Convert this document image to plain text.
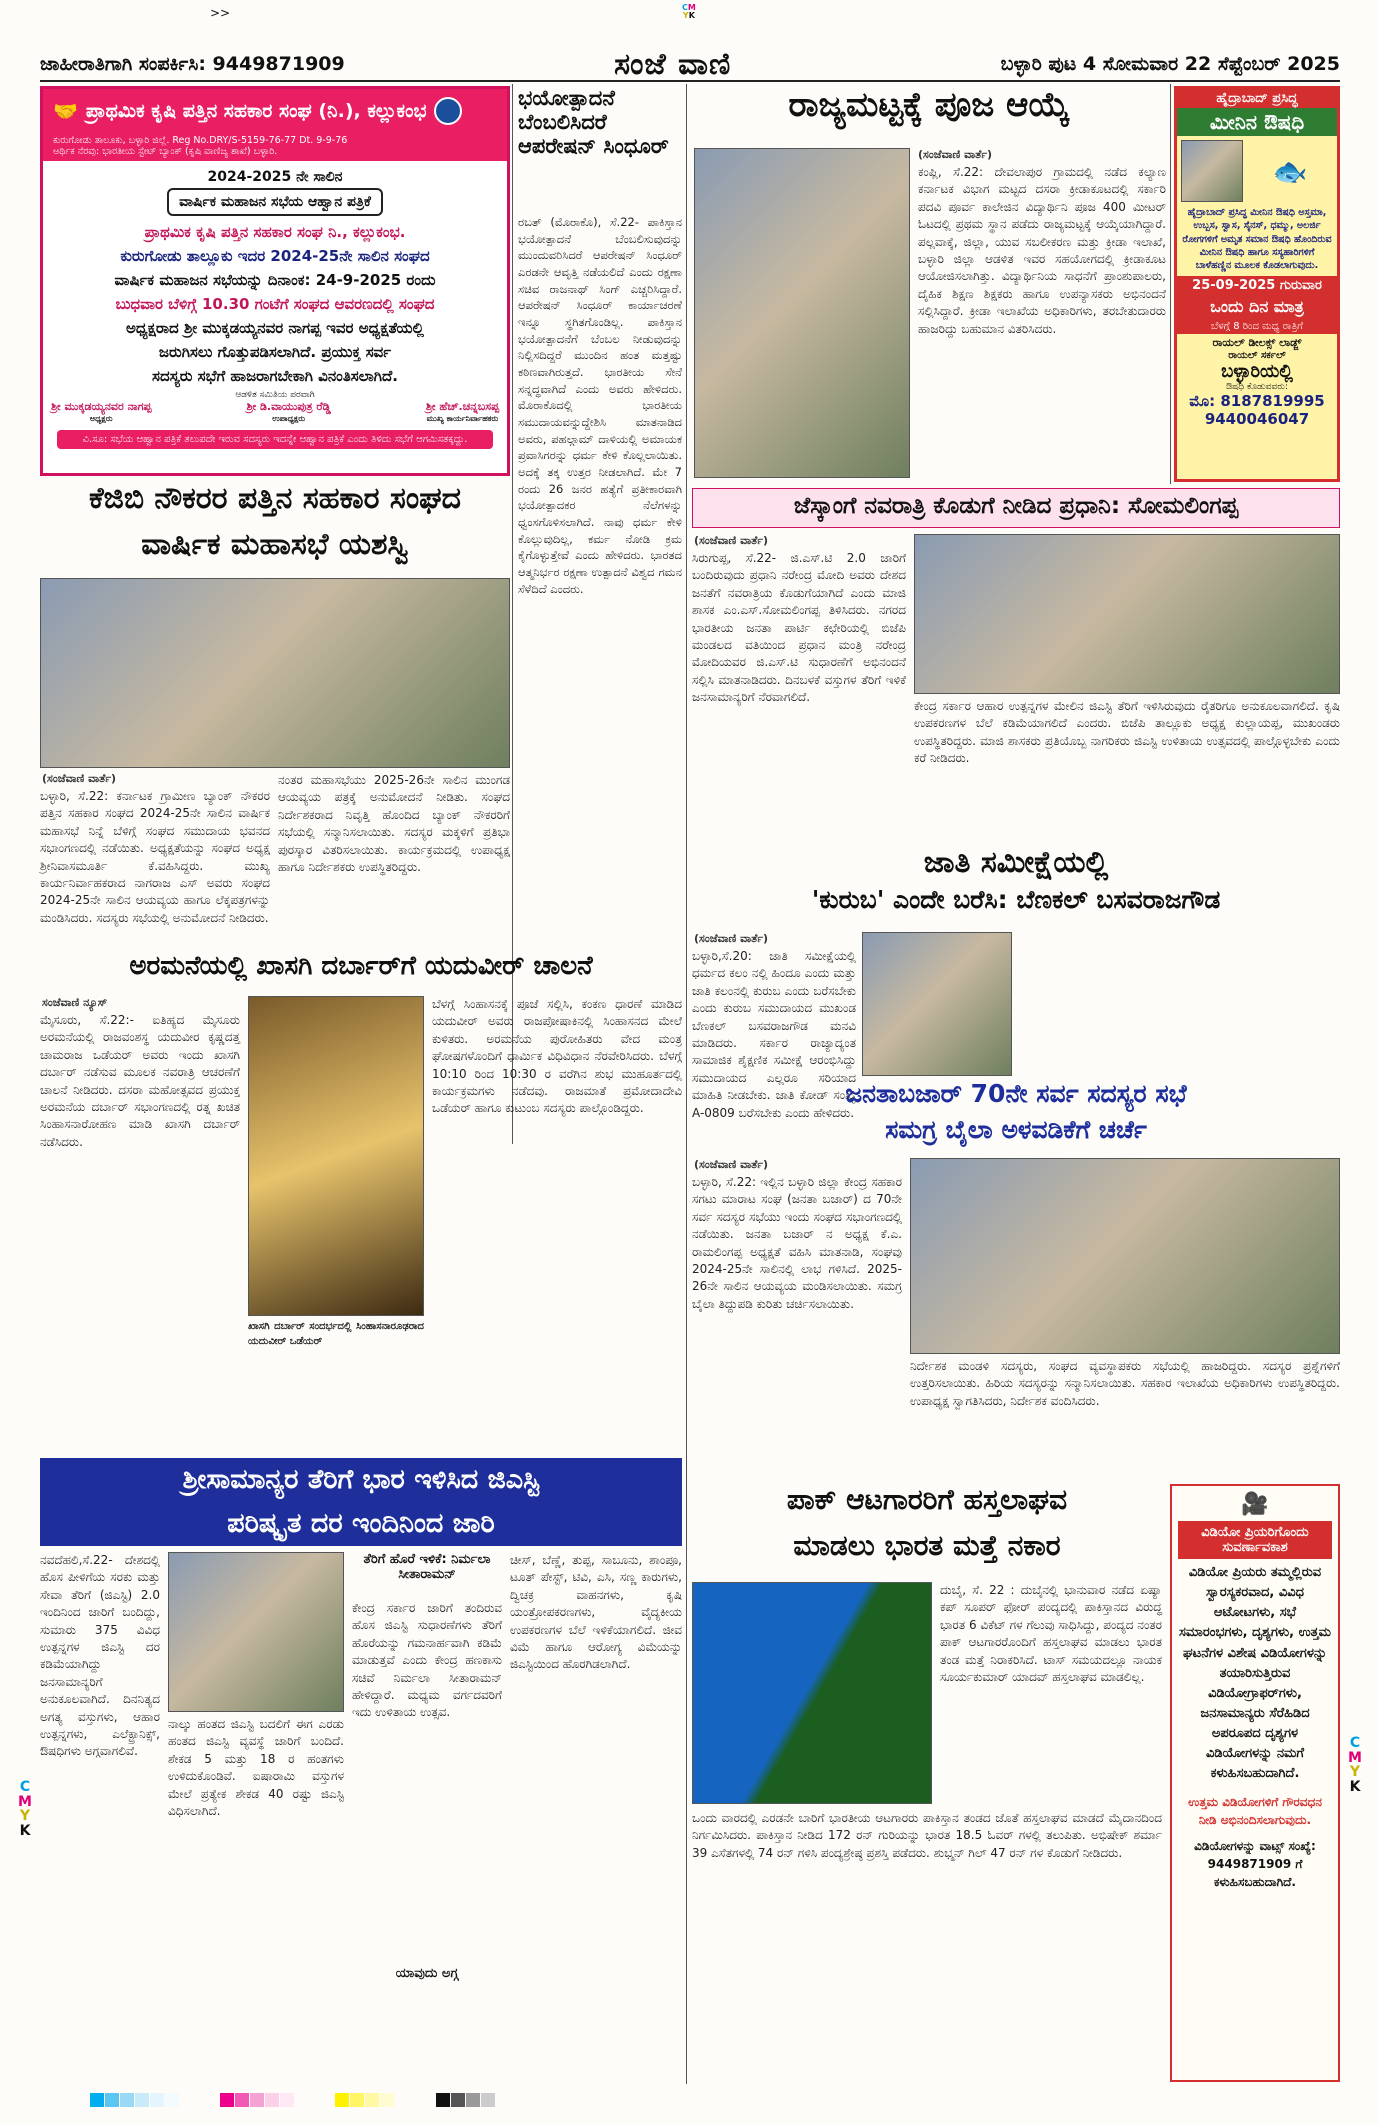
>>	CM
YK
ಜಾಹೀರಾತಿಗಾಗಿ ಸಂಪರ್ಕಿಸಿ: 9449871909	ಸಂಜೆ ವಾಣಿ	ಬಳ್ಳಾರಿ ಪುಟ 4 ಸೋಮವಾರ 22 ಸೆಪ್ಟೆಂಬರ್ 2025
🤝 ಪ್ರಾಥಮಿಕ ಕೃಷಿ ಪತ್ತಿನ ಸಹಕಾರ ಸಂಘ (ನಿ.), ಕಲ್ಲುಕಂಭ
ಕುರುಗೋಡು ತಾಲೂಕು, ಬಳ್ಳಾರಿ ಜಿಲ್ಲೆ. Reg No.DRY/S-5159-76-77 Dt. 9-9-76
ಆರ್ಥಿಕ ನೆರವು: ಭಾರತೀಯ ಸ್ಟೇಟ್ ಬ್ಯಾಂಕ್ (ಕೃಷಿ ವಾಣಿಜ್ಯ ಶಾಖೆ) ಬಳ್ಳಾರಿ.
2024-2025 ನೇ ಸಾಲಿನ
ವಾರ್ಷಿಕ ಮಹಾಜನ ಸಭೆಯ ಆಹ್ವಾನ ಪತ್ರಿಕೆ
ಪ್ರಾಥಮಿಕ ಕೃಷಿ ಪತ್ತಿನ ಸಹಕಾರ ಸಂಘ ನಿ., ಕಲ್ಲುಕಂಭ.
ಕುರುಗೋಡು ತಾಲ್ಲೂಕು ಇದರ 2024-25ನೇ ಸಾಲಿನ ಸಂಘದ
ವಾರ್ಷಿಕ ಮಹಾಜನ ಸಭೆಯನ್ನು ದಿನಾಂಕ: 24-9-2025 ರಂದು
ಬುಧವಾರ ಬೆಳಿಗ್ಗೆ 10.30 ಗಂಟೆಗೆ ಸಂಘದ ಆವರಣದಲ್ಲಿ ಸಂಘದ
ಅಧ್ಯಕ್ಷರಾದ ಶ್ರೀ ಮುಕ್ಕಡಯ್ಯನವರ ನಾಗಪ್ಪ ಇವರ ಅಧ್ಯಕ್ಷತೆಯಲ್ಲಿ
ಜರುಗಿಸಲು ಗೊತ್ತುಪಡಿಸಲಾಗಿದೆ. ಪ್ರಯುಕ್ತ ಸರ್ವ
ಸದಸ್ಯರು ಸಭೆಗೆ ಹಾಜರಾಗಬೇಕಾಗಿ ವಿನಂತಿಸಲಾಗಿದೆ.
ಆಡಳಿತ ಸಮಿತಿಯ ಪರವಾಗಿ
ಶ್ರೀ ಮುಕ್ಕಡಯ್ಯನವರ ನಾಗಪ್ಪ
ಅಧ್ಯಕ್ಷರು
ಶ್ರೀ ಡಿ.ವಾಯುಪುತ್ರ ರೆಡ್ಡಿ
ಉಪಾಧ್ಯಕ್ಷರು
ಶ್ರೀ ಹೆಚ್.ಚನ್ನಬಸಪ್ಪ
ಮುಖ್ಯ ಕಾರ್ಯನಿರ್ವಾಹಕರು
ವಿ.ಸೂ: ಸಭೆಯ ಆಹ್ವಾನ ಪತ್ರಿಕೆ ತಲುಪದೇ ಇರುವ ಸದಸ್ಯರು ಇದನ್ನೇ ಆಹ್ವಾನ ಪತ್ರಿಕೆ ಎಂದು ತಿಳಿದು ಸಭೆಗೆ ಆಗಮಿಸತಕ್ಕದ್ದು.
ಕೆಜಿಬಿ ನೌಕರರ ಪತ್ತಿನ ಸಹಕಾರ ಸಂಘದ
ವಾರ್ಷಿಕ ಮಹಾಸಭೆ ಯಶಸ್ವಿ
(ಸಂಜೆವಾಣಿ ವಾರ್ತೆ)
ಬಳ್ಳಾರಿ, ಸೆ.22: ಕರ್ನಾಟಕ ಗ್ರಾಮೀಣ ಬ್ಯಾಂಕ್ ನೌಕರರ ಪತ್ತಿನ ಸಹಕಾರ ಸಂಘದ 2024-25ನೇ ಸಾಲಿನ ವಾರ್ಷಿಕ ಮಹಾಸಭೆ ನಿನ್ನೆ ಬೆಳಿಗ್ಗೆ ಸಂಘದ ಸಮುದಾಯ ಭವನದ ಸಭಾಂಗಣದಲ್ಲಿ ನಡೆಯಿತು. ಅಧ್ಯಕ್ಷತೆಯನ್ನು ಸಂಘದ ಅಧ್ಯಕ್ಷ ಶ್ರೀನಿವಾಸಮೂರ್ತಿ ಕೆ.ವಹಿಸಿದ್ದರು. ಮುಖ್ಯ ಕಾರ್ಯನಿರ್ವಾಹಕರಾದ ನಾಗರಾಜ ಎಸ್ ಅವರು ಸಂಘದ 2024-25ನೇ ಸಾಲಿನ ಆಯವ್ಯಯ ಹಾಗೂ ಲೆಕ್ಕಪತ್ರಗಳನ್ನು ಮಂಡಿಸಿದರು. ಸದಸ್ಯರು ಸಭೆಯಲ್ಲಿ ಅನುಮೋದನೆ ನೀಡಿದರು.
ನಂತರ ಮಹಾಸಭೆಯು 2025-26ನೇ ಸಾಲಿನ ಮುಂಗಡ ಆಯವ್ಯಯ ಪತ್ರಕ್ಕೆ ಅನುಮೋದನೆ ನೀಡಿತು. ಸಂಘದ ನಿರ್ದೇಶಕರಾದ ನಿವೃತ್ತಿ ಹೊಂದಿದ ಬ್ಯಾಂಕ್ ನೌಕರರಿಗೆ ಸಭೆಯಲ್ಲಿ ಸನ್ಮಾನಿಸಲಾಯಿತು. ಸದಸ್ಯರ ಮಕ್ಕಳಿಗೆ ಪ್ರತಿಭಾ ಪುರಸ್ಕಾರ ವಿತರಿಸಲಾಯಿತು. ಕಾರ್ಯಕ್ರಮದಲ್ಲಿ ಉಪಾಧ್ಯಕ್ಷ ಹಾಗೂ ನಿರ್ದೇಶಕರು ಉಪಸ್ಥಿತರಿದ್ದರು.
ಭಯೋತ್ಪಾದನೆ ಬೆಂಬಲಿಸಿದರೆ ಆಪರೇಷನ್ ಸಿಂಧೂರ್
ರಬತ್ (ಮೊರಾಕೊ), ಸೆ.22- ಪಾಕಿಸ್ತಾನ ಭಯೋತ್ಪಾದನೆ ಬೆಂಬಲಿಸುವುದನ್ನು ಮುಂದುವರಿಸಿದರೆ ಆಪರೇಷನ್ ಸಿಂಧೂರ್ ಎರಡನೇ ಆವೃತ್ತಿ ನಡೆಯಲಿದೆ ಎಂದು ರಕ್ಷಣಾ ಸಚಿವ ರಾಜನಾಥ್ ಸಿಂಗ್ ಎಚ್ಚರಿಸಿದ್ದಾರೆ. ಆಪರೇಷನ್ ಸಿಂಧೂರ್ ಕಾರ್ಯಾಚರಣೆ ಇನ್ನೂ ಸ್ಥಗಿತಗೊಂಡಿಲ್ಲ. ಪಾಕಿಸ್ತಾನ ಭಯೋತ್ಪಾದನೆಗೆ ಬೆಂಬಲ ನೀಡುವುದನ್ನು ನಿಲ್ಲಿಸದಿದ್ದರೆ ಮುಂದಿನ ಹಂತ ಮತ್ತಷ್ಟು ಕಠಿಣವಾಗಿರುತ್ತದೆ. ಭಾರತೀಯ ಸೇನೆ ಸನ್ನದ್ಧವಾಗಿದೆ ಎಂದು ಅವರು ಹೇಳಿದರು. ಮೊರಾಕೊದಲ್ಲಿ ಭಾರತೀಯ ಸಮುದಾಯವನ್ನುದ್ದೇಶಿಸಿ ಮಾತನಾಡಿದ ಅವರು, ಪಹಲ್ಗಾಮ್ ದಾಳಿಯಲ್ಲಿ ಅಮಾಯಕ ಪ್ರವಾಸಿಗರನ್ನು ಧರ್ಮ ಕೇಳಿ ಕೊಲ್ಲಲಾಯಿತು. ಅದಕ್ಕೆ ತಕ್ಕ ಉತ್ತರ ನೀಡಲಾಗಿದೆ. ಮೇ 7 ರಂದು 26 ಜನರ ಹತ್ಯೆಗೆ ಪ್ರತೀಕಾರವಾಗಿ ಭಯೋತ್ಪಾದಕರ ನೆಲೆಗಳನ್ನು ಧ್ವಂಸಗೊಳಿಸಲಾಗಿದೆ. ನಾವು ಧರ್ಮ ಕೇಳಿ ಕೊಲ್ಲುವುದಿಲ್ಲ, ಕರ್ಮ ನೋಡಿ ಕ್ರಮ ಕೈಗೊಳ್ಳುತ್ತೇವೆ ಎಂದು ಹೇಳಿದರು. ಭಾರತದ ಆತ್ಮನಿರ್ಭರ ರಕ್ಷಣಾ ಉತ್ಪಾದನೆ ವಿಶ್ವದ ಗಮನ ಸೆಳೆದಿದೆ ಎಂದರು.
ರಾಜ್ಯಮಟ್ಟಕ್ಕೆ ಪೂಜ ಆಯ್ಕೆ
(ಸಂಜೆವಾಣಿ ವಾರ್ತೆ)
ಕಂಪ್ಲಿ, ಸೆ.22: ದೇವಲಾಪುರ ಗ್ರಾಮದಲ್ಲಿ ನಡೆದ ಕಲ್ಯಾಣ ಕರ್ನಾಟಕ ವಿಭಾಗ ಮಟ್ಟದ ದಸರಾ ಕ್ರೀಡಾಕೂಟದಲ್ಲಿ ಸರ್ಕಾರಿ ಪದವಿ ಪೂರ್ವ ಕಾಲೇಜಿನ ವಿದ್ಯಾರ್ಥಿನಿ ಪೂಜ 400 ಮೀಟರ್ ಓಟದಲ್ಲಿ ಪ್ರಥಮ ಸ್ಥಾನ ಪಡೆದು ರಾಜ್ಯಮಟ್ಟಕ್ಕೆ ಆಯ್ಕೆಯಾಗಿದ್ದಾರೆ. ಪಲ್ಲವಾಕ್ಕೆ, ಜಿಲ್ಲಾ, ಯುವ ಸಬಲೀಕರಣ ಮತ್ತು ಕ್ರೀಡಾ ಇಲಾಖೆ, ಬಳ್ಳಾರಿ ಜಿಲ್ಲಾ ಆಡಳಿತ ಇವರ ಸಹಯೋಗದಲ್ಲಿ ಕ್ರೀಡಾಕೂಟ ಆಯೋಜಿಸಲಾಗಿತ್ತು. ವಿದ್ಯಾರ್ಥಿನಿಯ ಸಾಧನೆಗೆ ಪ್ರಾಂಶುಪಾಲರು, ದೈಹಿಕ ಶಿಕ್ಷಣ ಶಿಕ್ಷಕರು ಹಾಗೂ ಉಪನ್ಯಾಸಕರು ಅಭಿನಂದನೆ ಸಲ್ಲಿಸಿದ್ದಾರೆ. ಕ್ರೀಡಾ ಇಲಾಖೆಯ ಅಧಿಕಾರಿಗಳು, ತರಬೇತುದಾರರು ಹಾಜರಿದ್ದು ಬಹುಮಾನ ವಿತರಿಸಿದರು.
ಹೈದ್ರಾಬಾದ್ ಪ್ರಸಿದ್ಧ
ಮೀನಿನ ಔಷಧಿ
🐟
ಹೈದ್ರಾಬಾದ್ ಪ್ರಸಿದ್ಧ ಮೀನಿನ ಔಷಧಿ ಅಸ್ತಮಾ, ಉಬ್ಬಸ, ಸ್ವಾಸ, ಸೈನಸ್, ಧಮ್ಮು, ಅಲರ್ಜಿ ರೋಗಗಳಿಗೆ ಅಮೃತ ಸಮಾನ ಔಷಧಿ ಹೊಂದಿರುವ ಮೀನಿನ ಔಷಧಿ ಹಾಗೂ ಸಸ್ಯಹಾರಿಗಳಿಗೆ ಬಾಳೆಹಣ್ಣಿನ ಮೂಲಕ ಕೊಡಲಾಗುವುದು.
25-09-2025 ಗುರುವಾರ
ಒಂದು ದಿನ ಮಾತ್ರ
ಬೆಳಗ್ಗೆ 8 ರಿಂದ ಮಧ್ಯ ರಾತ್ರಿಗೆ
ರಾಯಲ್ ಡೀಲಕ್ಸ್ ಲಾಡ್ಜ್
ರಾಯಲ್ ಸರ್ಕಲ್
ಬಳ್ಳಾರಿಯಲ್ಲಿ
ಔಷಧಿ ಕೊಡುವವರು:
ಮೊ: 8187819995
9440046047
ಜೆಸ್ಕಾಂಗೆ ನವರಾತ್ರಿ ಕೊಡುಗೆ ನೀಡಿದ ಪ್ರಧಾನಿ: ಸೋಮಲಿಂಗಪ್ಪ
(ಸಂಜೆವಾಣಿ ವಾರ್ತೆ)
ಸಿರುಗುಪ್ಪ, ಸೆ.22- ಜಿ.ಎಸ್.ಟಿ 2.0 ಜಾರಿಗೆ ಬಂದಿರುವುದು ಪ್ರಧಾನಿ ನರೇಂದ್ರ ಮೋದಿ ಅವರು ದೇಶದ ಜನತೆಗೆ ನವರಾತ್ರಿಯ ಕೊಡುಗೆಯಾಗಿದೆ ಎಂದು ಮಾಜಿ ಶಾಸಕ ಎಂ.ಎಸ್.ಸೋಮಲಿಂಗಪ್ಪ ತಿಳಿಸಿದರು. ನಗರದ ಭಾರತೀಯ ಜನತಾ ಪಾರ್ಟಿ ಕಛೇರಿಯಲ್ಲಿ ಬಿಜೆಪಿ ಮಂಡಲದ ವತಿಯಿಂದ ಪ್ರಧಾನ ಮಂತ್ರಿ ನರೇಂದ್ರ ಮೋದಿಯವರ ಜಿ.ಎಸ್.ಟಿ ಸುಧಾರಣೆಗೆ ಅಭಿನಂದನೆ ಸಲ್ಲಿಸಿ ಮಾತನಾಡಿದರು. ದಿನಬಳಕೆ ವಸ್ತುಗಳ ತೆರಿಗೆ ಇಳಿಕೆ ಜನಸಾಮಾನ್ಯರಿಗೆ ನೆರವಾಗಲಿದೆ.
ಕೇಂದ್ರ ಸರ್ಕಾರ ಆಹಾರ ಉತ್ಪನ್ನಗಳ ಮೇಲಿನ ಜಿಎಸ್ಟಿ ತೆರಿಗೆ ಇಳಿಸಿರುವುದು ರೈತರಿಗೂ ಅನುಕೂಲವಾಗಲಿದೆ. ಕೃಷಿ ಉಪಕರಣಗಳ ಬೆಲೆ ಕಡಿಮೆಯಾಗಲಿದೆ ಎಂದರು. ಬಿಜೆಪಿ ತಾಲ್ಲೂಕು ಅಧ್ಯಕ್ಷ ಕುಲ್ಲಾಯಪ್ಪ, ಮುಖಂಡರು ಉಪಸ್ಥಿತರಿದ್ದರು. ಮಾಜಿ ಶಾಸಕರು ಪ್ರತಿಯೊಬ್ಬ ನಾಗರಿಕರು ಜಿಎಸ್ಟಿ ಉಳಿತಾಯ ಉತ್ಸವದಲ್ಲಿ ಪಾಲ್ಗೊಳ್ಳಬೇಕು ಎಂದು ಕರೆ ನೀಡಿದರು.
ಜಾತಿ ಸಮೀಕ್ಷೆಯಲ್ಲಿ
'ಕುರುಬ' ಎಂದೇ ಬರೆಸಿ: ಬೆಣಕಲ್ ಬಸವರಾಜಗೌಡ
(ಸಂಜೆವಾಣಿ ವಾರ್ತೆ)
ಬಳ್ಳಾರಿ,ಸೆ.20: ಜಾತಿ ಸಮೀಕ್ಷೆಯಲ್ಲಿ ಧರ್ಮದ ಕಲಂ ನಲ್ಲಿ ಹಿಂದೂ ಎಂದು ಮತ್ತು ಜಾತಿ ಕಲಂನಲ್ಲಿ ಕುರುಬ ಎಂದು ಬರೆಸಬೇಕು ಎಂದು ಕುರುಬ ಸಮುದಾಯದ ಮುಖಂಡ ಬೆಣಕಲ್ ಬಸವರಾಜಗೌಡ ಮನವಿ ಮಾಡಿದರು. ಸರ್ಕಾರ ರಾಜ್ಯಾದ್ಯಂತ ಸಾಮಾಜಿಕ ಶೈಕ್ಷಣಿಕ ಸಮೀಕ್ಷೆ ಆರಂಭಿಸಿದ್ದು ಸಮುದಾಯದ ಎಲ್ಲರೂ ಸರಿಯಾದ ಮಾಹಿತಿ ನೀಡಬೇಕು. ಜಾತಿ ಕೋಡ್ ಸಂಖ್ಯೆ A-0809 ಬರೆಸಬೇಕು ಎಂದು ಹೇಳಿದರು.
ಜನತಾಬಜಾರ್ 70ನೇ ಸರ್ವ ಸದಸ್ಯರ ಸಭೆ
ಸಮಗ್ರ ಬೈಲಾ ಅಳವಡಿಕೆಗೆ ಚರ್ಚೆ
(ಸಂಜೆವಾಣಿ ವಾರ್ತೆ)
ಬಳ್ಳಾರಿ, ಸೆ.22: ಇಲ್ಲಿನ ಬಳ್ಳಾರಿ ಜಿಲ್ಲಾ ಕೇಂದ್ರ ಸಹಕಾರ ಸಗಟು ಮಾರಾಟ ಸಂಘ (ಜನತಾ ಬಜಾರ್) ದ 70ನೇ ಸರ್ವ ಸದಸ್ಯರ ಸಭೆಯು ಇಂದು ಸಂಘದ ಸಭಾಂಗಣದಲ್ಲಿ ನಡೆಯಿತು. ಜನತಾ ಬಜಾರ್ ನ ಅಧ್ಯಕ್ಷ ಕೆ.ಎ. ರಾಮಲಿಂಗಪ್ಪ ಅಧ್ಯಕ್ಷತೆ ವಹಿಸಿ ಮಾತನಾಡಿ, ಸಂಘವು 2024-25ನೇ ಸಾಲಿನಲ್ಲಿ ಲಾಭ ಗಳಿಸಿದೆ. 2025-26ನೇ ಸಾಲಿನ ಆಯವ್ಯಯ ಮಂಡಿಸಲಾಯಿತು. ಸಮಗ್ರ ಬೈಲಾ ತಿದ್ದುಪಡಿ ಕುರಿತು ಚರ್ಚಿಸಲಾಯಿತು.
ನಿರ್ದೇಶಕ ಮಂಡಳಿ ಸದಸ್ಯರು, ಸಂಘದ ವ್ಯವಸ್ಥಾಪಕರು ಸಭೆಯಲ್ಲಿ ಹಾಜರಿದ್ದರು. ಸದಸ್ಯರ ಪ್ರಶ್ನೆಗಳಿಗೆ ಉತ್ತರಿಸಲಾಯಿತು. ಹಿರಿಯ ಸದಸ್ಯರನ್ನು ಸನ್ಮಾನಿಸಲಾಯಿತು. ಸಹಕಾರ ಇಲಾಖೆಯ ಅಧಿಕಾರಿಗಳು ಉಪಸ್ಥಿತರಿದ್ದರು. ಉಪಾಧ್ಯಕ್ಷ ಸ್ವಾಗತಿಸಿದರು, ನಿರ್ದೇಶಕ ವಂದಿಸಿದರು.
ಅರಮನೆಯಲ್ಲಿ ಖಾಸಗಿ ದರ್ಬಾರ್‌ಗೆ ಯದುವೀರ್ ಚಾಲನೆ
ಸಂಜೆವಾಣಿ ನ್ಯೂಸ್
ಮೈಸೂರು, ಸೆ.22:- ಐತಿಹ್ಯದ ಮೈಸೂರು ಅರಮನೆಯಲ್ಲಿ ರಾಜವಂಶಸ್ಥ ಯದುವೀರ ಕೃಷ್ಣದತ್ತ ಚಾಮರಾಜ ಒಡೆಯರ್ ಅವರು ಇಂದು ಖಾಸಗಿ ದರ್ಬಾರ್ ನಡೆಸುವ ಮೂಲಕ ನವರಾತ್ರಿ ಆಚರಣೆಗೆ ಚಾಲನೆ ನೀಡಿದರು. ದಸರಾ ಮಹೋತ್ಸವದ ಪ್ರಯುಕ್ತ ಅರಮನೆಯ ದರ್ಬಾರ್ ಸಭಾಂಗಣದಲ್ಲಿ ರತ್ನ ಖಚಿತ ಸಿಂಹಾಸನಾರೋಹಣ ಮಾಡಿ ಖಾಸಗಿ ದರ್ಬಾರ್ ನಡೆಸಿದರು.
ಖಾಸಗಿ ದರ್ಬಾರ್ ಸಂದರ್ಭದಲ್ಲಿ ಸಿಂಹಾಸನಾರೂಢರಾದ ಯದುವೀರ್ ಒಡೆಯರ್
ಬೆಳಗ್ಗೆ ಸಿಂಹಾಸನಕ್ಕೆ ಪೂಜೆ ಸಲ್ಲಿಸಿ, ಕಂಕಣ ಧಾರಣೆ ಮಾಡಿದ ಯದುವೀರ್ ಅವರು ರಾಜಪೋಷಾಕಿನಲ್ಲಿ ಸಿಂಹಾಸನದ ಮೇಲೆ ಕುಳಿತರು. ಅರಮನೆಯ ಪುರೋಹಿತರು ವೇದ ಮಂತ್ರ ಘೋಷಗಳೊಂದಿಗೆ ಧಾರ್ಮಿಕ ವಿಧಿವಿಧಾನ ನೆರವೇರಿಸಿದರು. ಬೆಳಗ್ಗೆ 10:10 ರಿಂದ 10:30 ರ ವರೆಗಿನ ಶುಭ ಮುಹೂರ್ತದಲ್ಲಿ ಕಾರ್ಯಕ್ರಮಗಳು ನಡೆದವು. ರಾಜಮಾತೆ ಪ್ರಮೋದಾದೇವಿ ಒಡೆಯರ್ ಹಾಗೂ ಕುಟುಂಬ ಸದಸ್ಯರು ಪಾಲ್ಗೊಂಡಿದ್ದರು.
ಶ್ರೀಸಾಮಾನ್ಯರ ತೆರಿಗೆ ಭಾರ ಇಳಿಸಿದ ಜಿಎಸ್ಟಿ
ಪರಿಷ್ಕೃತ ದರ ಇಂದಿನಿಂದ ಜಾರಿ
ನವದೆಹಲಿ,ಸೆ.22- ದೇಶದಲ್ಲಿ ಹೊಸ ಪೀಳಿಗೆಯ ಸರಕು ಮತ್ತು ಸೇವಾ ತೆರಿಗೆ (ಜಿಎಸ್ಟಿ) 2.0 ಇಂದಿನಿಂದ ಜಾರಿಗೆ ಬಂದಿದ್ದು, ಸುಮಾರು 375 ವಿವಿಧ ಉತ್ಪನ್ನಗಳ ಜಿಎಸ್ಟಿ ದರ ಕಡಿಮೆಯಾಗಿದ್ದು ಜನಸಾಮಾನ್ಯರಿಗೆ ಅನುಕೂಲವಾಗಿದೆ. ದಿನನಿತ್ಯದ ಅಗತ್ಯ ವಸ್ತುಗಳು, ಆಹಾರ ಉತ್ಪನ್ನಗಳು, ಎಲೆಕ್ಟ್ರಾನಿಕ್ಸ್, ಔಷಧಿಗಳು ಅಗ್ಗವಾಗಲಿವೆ.
ನಾಲ್ಕು ಹಂತದ ಜಿಎಸ್ಟಿ ಬದಲಿಗೆ ಈಗ ಎರಡು ಹಂತದ ಜಿಎಸ್ಟಿ ವ್ಯವಸ್ಥೆ ಜಾರಿಗೆ ಬಂದಿದೆ. ಶೇಕಡ 5 ಮತ್ತು 18 ರ ಹಂತಗಳು ಉಳಿದುಕೊಂಡಿವೆ. ಐಷಾರಾಮಿ ವಸ್ತುಗಳ ಮೇಲೆ ಪ್ರತ್ಯೇಕ ಶೇಕಡ 40 ರಷ್ಟು ಜಿಎಸ್ಟಿ ವಿಧಿಸಲಾಗಿದೆ.
ತೆರಿಗೆ ಹೊರೆ ಇಳಿಕೆ: ನಿರ್ಮಲಾ ಸೀತಾರಾಮನ್
ಕೇಂದ್ರ ಸರ್ಕಾರ ಜಾರಿಗೆ ತಂದಿರುವ ಹೊಸ ಜಿಎಸ್ಟಿ ಸುಧಾರಣೆಗಳು ತೆರಿಗೆ ಹೊರೆಯನ್ನು ಗಮನಾರ್ಹವಾಗಿ ಕಡಿಮೆ ಮಾಡುತ್ತವೆ ಎಂದು ಕೇಂದ್ರ ಹಣಕಾಸು ಸಚಿವೆ ನಿರ್ಮಲಾ ಸೀತಾರಾಮನ್ ಹೇಳಿದ್ದಾರೆ. ಮಧ್ಯಮ ವರ್ಗದವರಿಗೆ ಇದು ಉಳಿತಾಯ ಉತ್ಸವ.
ಯಾವುದು ಅಗ್ಗ
ಚೀಸ್, ಬೆಣ್ಣೆ, ತುಪ್ಪ, ಸಾಬೂನು, ಶಾಂಪೂ, ಟೂತ್ ಪೇಸ್ಟ್, ಟಿವಿ, ಎಸಿ, ಸಣ್ಣ ಕಾರುಗಳು, ದ್ವಿಚಕ್ರ ವಾಹನಗಳು, ಕೃಷಿ ಯಂತ್ರೋಪಕರಣಗಳು, ವೈದ್ಯಕೀಯ ಉಪಕರಣಗಳ ಬೆಲೆ ಇಳಿಕೆಯಾಗಲಿದೆ. ಜೀವ ವಿಮೆ ಹಾಗೂ ಆರೋಗ್ಯ ವಿಮೆಯನ್ನು ಜಿಎಸ್ಟಿಯಿಂದ ಹೊರಗಿಡಲಾಗಿದೆ.
ಪಾಕ್ ಆಟಗಾರರಿಗೆ ಹಸ್ತಲಾಘವ
ಮಾಡಲು ಭಾರತ ಮತ್ತೆ ನಕಾರ
ದುಬೈ, ಸೆ. 22 : ದುಬೈನಲ್ಲಿ ಭಾನುವಾರ ನಡೆದ ಏಷ್ಯಾ ಕಪ್ ಸೂಪರ್ ಫೋರ್ ಪಂದ್ಯದಲ್ಲಿ ಪಾಕಿಸ್ತಾನದ ವಿರುದ್ಧ ಭಾರತ 6 ವಿಕೆಟ್ ಗಳ ಗೆಲುವು ಸಾಧಿಸಿದ್ದು, ಪಂದ್ಯದ ನಂತರ ಪಾಕ್ ಆಟಗಾರರೊಂದಿಗೆ ಹಸ್ತಲಾಘವ ಮಾಡಲು ಭಾರತ ತಂಡ ಮತ್ತೆ ನಿರಾಕರಿಸಿದೆ. ಟಾಸ್ ಸಮಯದಲ್ಲೂ ನಾಯಕ ಸೂರ್ಯಕುಮಾರ್ ಯಾದವ್ ಹಸ್ತಲಾಘವ ಮಾಡಲಿಲ್ಲ.
ಒಂದು ವಾರದಲ್ಲಿ ಎರಡನೇ ಬಾರಿಗೆ ಭಾರತೀಯ ಆಟಗಾರರು ಪಾಕಿಸ್ತಾನ ತಂಡದ ಜೊತೆ ಹಸ್ತಲಾಘವ ಮಾಡದೆ ಮೈದಾನದಿಂದ ನಿರ್ಗಮಿಸಿದರು. ಪಾಕಿಸ್ತಾನ ನೀಡಿದ 172 ರನ್ ಗುರಿಯನ್ನು ಭಾರತ 18.5 ಓವರ್ ಗಳಲ್ಲಿ ತಲುಪಿತು. ಅಭಿಷೇಕ್ ಶರ್ಮಾ 39 ಎಸೆತಗಳಲ್ಲಿ 74 ರನ್ ಗಳಿಸಿ ಪಂದ್ಯಶ್ರೇಷ್ಠ ಪ್ರಶಸ್ತಿ ಪಡೆದರು. ಶುಭ್ಮನ್ ಗಿಲ್ 47 ರನ್ ಗಳ ಕೊಡುಗೆ ನೀಡಿದರು.
🎥
ವಿಡಿಯೋ ಪ್ರಿಯರಿಗೊಂದು ಸುವರ್ಣಾವಕಾಶ
ವಿಡಿಯೋ ಪ್ರಿಯರು ತಮ್ಮಲ್ಲಿರುವ ಸ್ವಾರಸ್ಯಕರವಾದ, ವಿವಿಧ ಆಟೋಟಗಳು, ಸಭೆ ಸಮಾರಂಭಗಳು, ದೃಶ್ಯಗಳು, ಉತ್ತಮ ಘಟನೆಗಳ ವಿಶೇಷ ವಿಡಿಯೋಗಳನ್ನು ತಯಾರಿಸುತ್ತಿರುವ ವಿಡಿಯೋಗ್ರಾಫರ್‌ಗಳು, ಜನಸಾಮಾನ್ಯರು ಸೆರೆಹಿಡಿದ ಅಪರೂಪದ ದೃಶ್ಯಗಳ ವಿಡಿಯೋಗಳನ್ನು ನಮಗೆ ಕಳುಹಿಸಬಹುದಾಗಿದೆ.
ಉತ್ತಮ ವಿಡಿಯೋಗಳಿಗೆ ಗೌರವಧನ ನೀಡಿ ಅಭಿನಂದಿಸಲಾಗುವುದು.
ವಿಡಿಯೋಗಳನ್ನು ವಾಟ್ಸ್ ಸಂಖ್ಯೆ: 9449871909 ಗೆ ಕಳುಹಿಸಬಹುದಾಗಿದೆ.
C
M
Y
K
C
M
Y
K
